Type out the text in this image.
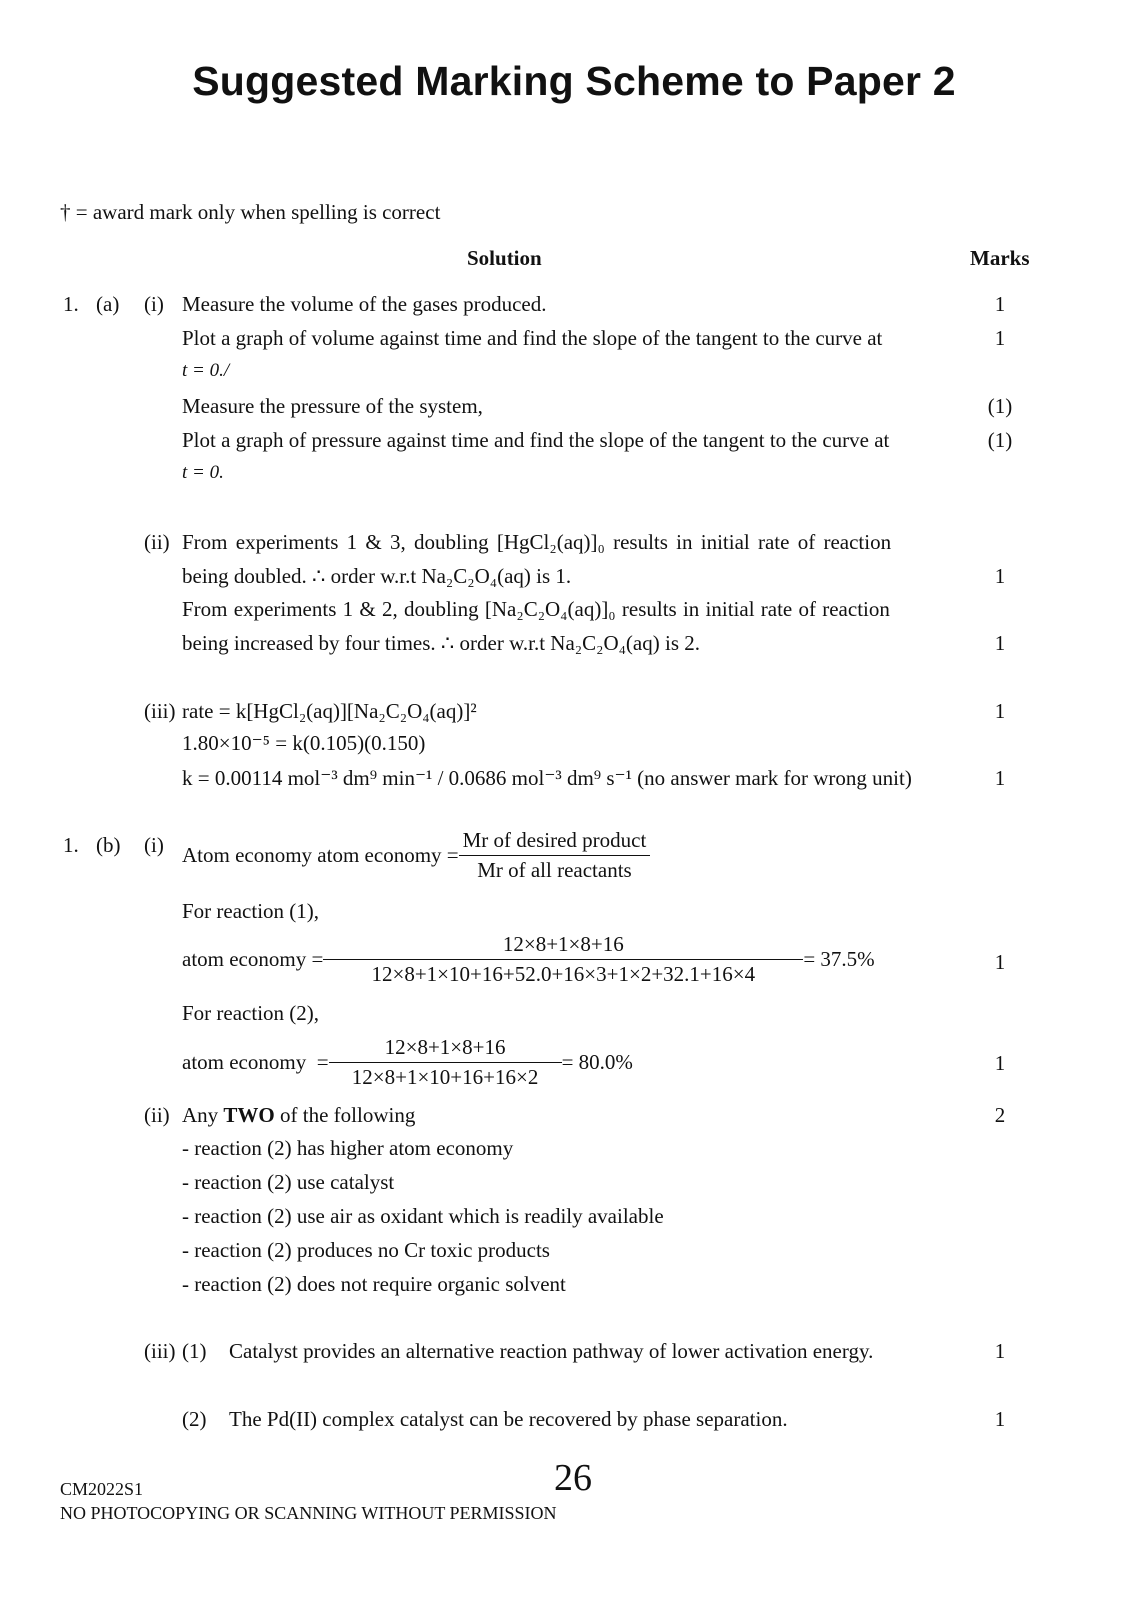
Suggested Marking Scheme to Paper 2
† = award mark only when spelling is correct
Solution	Marks
1. (a) (i) Measure the volume of the gases produced.	1
Plot a graph of volume against time and find the slope of the tangent to the curve at	1
t = 0./
Measure the pressure of the system,	(1)
Plot a graph of pressure against time and find the slope of the tangent to the curve at	(1)
t = 0.
(ii) From experiments 1 & 3, doubling [HgCl₂(aq)]₀ results in initial rate of reaction
being doubled. ∴ order w.r.t Na₂C₂O₄(aq) is 1.	1
From experiments 1 & 2, doubling [Na₂C₂O₄(aq)]₀ results in initial rate of reaction
being increased by four times. ∴ order w.r.t Na₂C₂O₄(aq) is 2.	1
(iii) rate = k[HgCl₂(aq)][Na₂C₂O₄(aq)]²	1
1.80×10⁻⁵ = k(0.105)(0.150)
k = 0.00114 mol⁻³ dm⁹ min⁻¹ / 0.0686 mol⁻³ dm⁹ s⁻¹ (no answer mark for wrong unit)	1
1. (b) (i) Atom economy atom economy = $\frac{\text{Mr of desired product}}{\text{Mr of all reactants}}$
For reaction (1),
atom economy = $\frac{12\times 8+1\times 8+16}{12\times 8+1\times 10+16+52.0+16\times 3+1\times 2+32.1+16\times 4} = 37.5\%$	1
For reaction (2),
atom economy  = $\frac{12\times 8+1\times 8+16}{12\times 8+1\times 10+16+16\times 2} = 80.0\%$	1
(ii) Any TWO of the following	2
- reaction (2) has higher atom economy
- reaction (2) use catalyst
- reaction (2) use air as oxidant which is readily available
- reaction (2) produces no Cr toxic products
- reaction (2) does not require organic solvent
(iii) (1) Catalyst provides an alternative reaction pathway of lower activation energy.	1
(2) The Pd(II) complex catalyst can be recovered by phase separation.	1
CM2022S1	26
NO PHOTOCOPYING OR SCANNING WITHOUT PERMISSION
